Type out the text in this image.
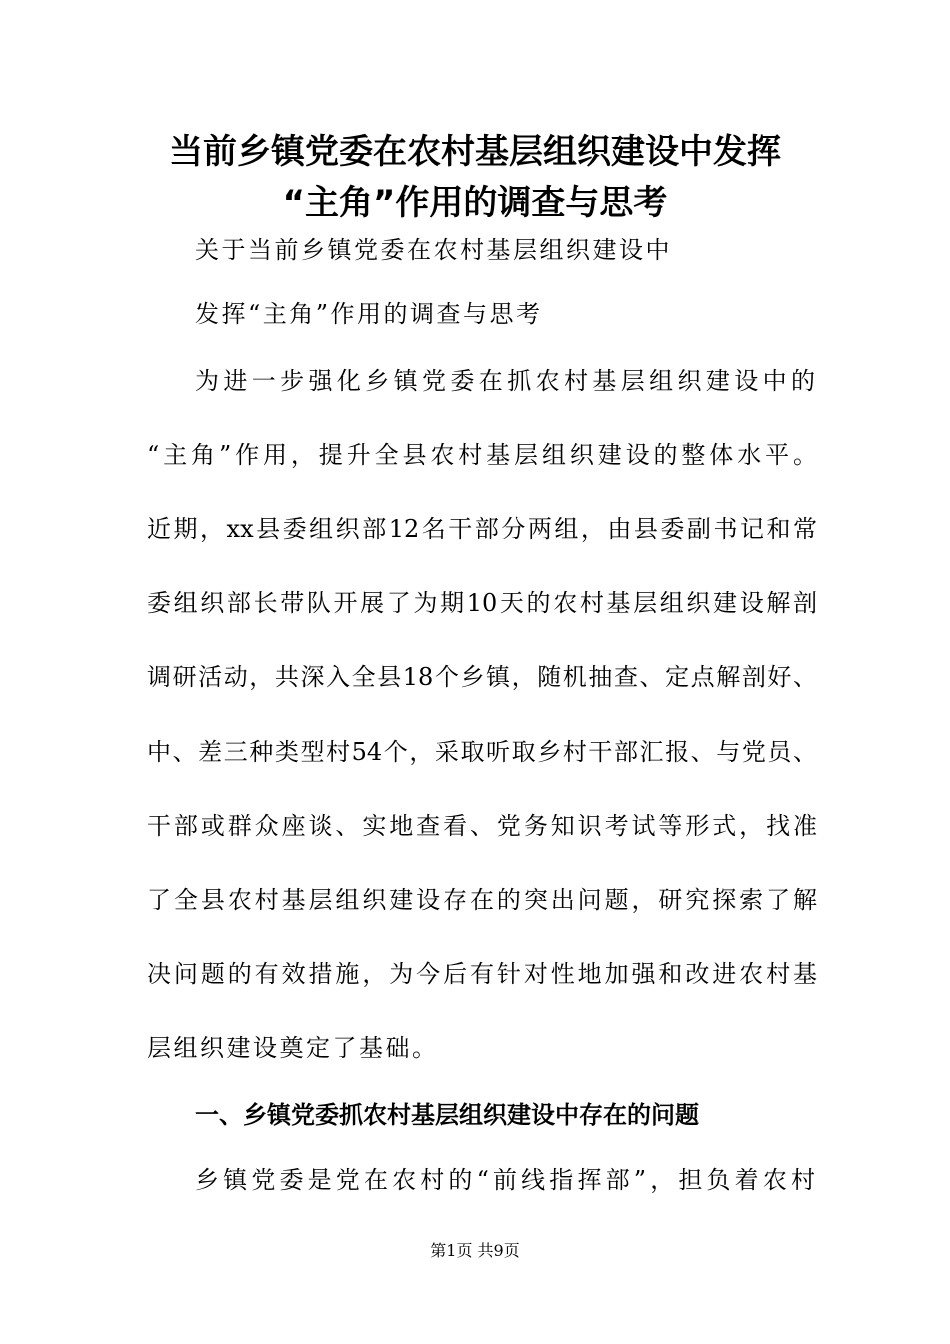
当前乡镇党委在农村基层组织建设中发挥
“主角”作用的调查与思考
关于当前乡镇党委在农村基层组织建设中
发挥“主角”作用的调查与思考
为进一步强化乡镇党委在抓农村基层组织建设中的
“主角”作用，提升全县农村基层组织建设的整体水平。
近期，xx县委组织部12名干部分两组，由县委副书记和常
委组织部长带队开展了为期10天的农村基层组织建设解剖
调研活动，共深入全县18个乡镇，随机抽查、定点解剖好、
中、差三种类型村54个，采取听取乡村干部汇报、与党员、
干部或群众座谈、实地查看、党务知识考试等形式，找准
了全县农村基层组织建设存在的突出问题，研究探索了解
决问题的有效措施，为今后有针对性地加强和改进农村基
层组织建设奠定了基础。
一、乡镇党委抓农村基层组织建设中存在的问题
乡镇党委是党在农村的“前线指挥部”，担负着农村
第1页 共9页
